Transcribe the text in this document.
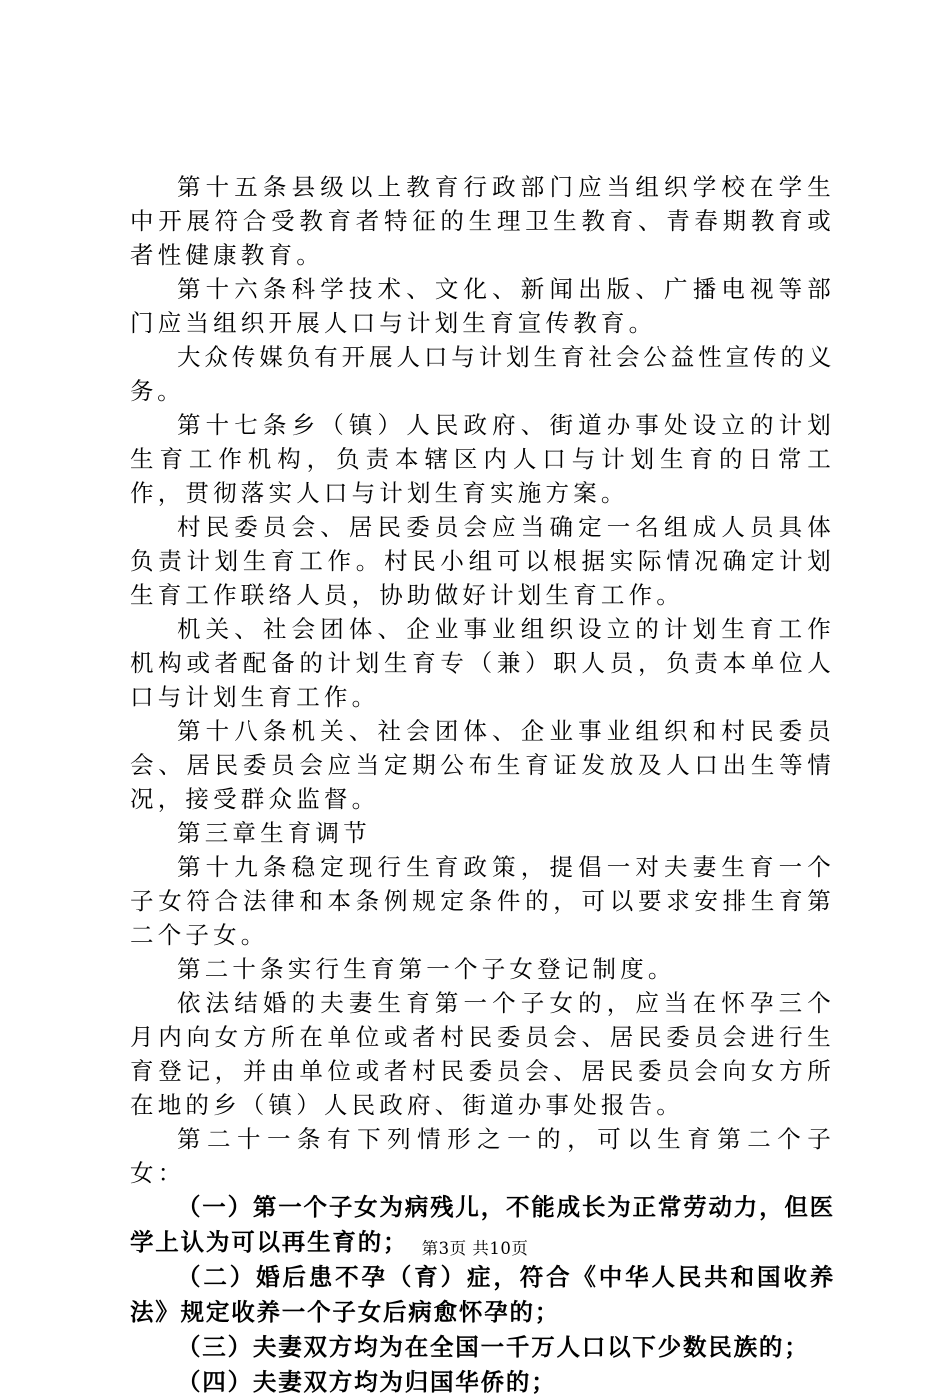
第十五条县级以上教育行政部门应当组织学校在学生中开展符合受教育者特征的生理卫生教育、青春期教育或者性健康教育。

第十六条科学技术、文化、新闻出版、广播电视等部门应当组织开展人口与计划生育宣传教育。

大众传媒负有开展人口与计划生育社会公益性宣传的义务。

第十七条乡（镇）人民政府、街道办事处设立的计划生育工作机构，负责本辖区内人口与计划生育的日常工作，贯彻落实人口与计划生育实施方案。

村民委员会、居民委员会应当确定一名组成人员具体负责计划生育工作。村民小组可以根据实际情况确定计划生育工作联络人员，协助做好计划生育工作。

机关、社会团体、企业事业组织设立的计划生育工作机构或者配备的计划生育专（兼）职人员，负责本单位人口与计划生育工作。

第十八条机关、社会团体、企业事业组织和村民委员会、居民委员会应当定期公布生育证发放及人口出生等情况，接受群众监督。

第三章生育调节

第十九条稳定现行生育政策，提倡一对夫妻生育一个子女符合法律和本条例规定条件的，可以要求安排生育第二个子女。

第二十条实行生育第一个子女登记制度。

依法结婚的夫妻生育第一个子女的，应当在怀孕三个月内向女方所在单位或者村民委员会、居民委员会进行生育登记，并由单位或者村民委员会、居民委员会向女方所在地的乡（镇）人民政府、街道办事处报告。

第二十一条有下列情形之一的，可以生育第二个子女：

（一）第一个子女为病残儿，不能成长为正常劳动力，但医学上认为可以再生育的；

（二）婚后患不孕（育）症，符合《中华人民共和国收养法》规定收养一个子女后病愈怀孕的；

（三）夫妻双方均为在全国一千万人口以下少数民族的；

（四）夫妻双方均为归国华侨的；

第3页 共10页
